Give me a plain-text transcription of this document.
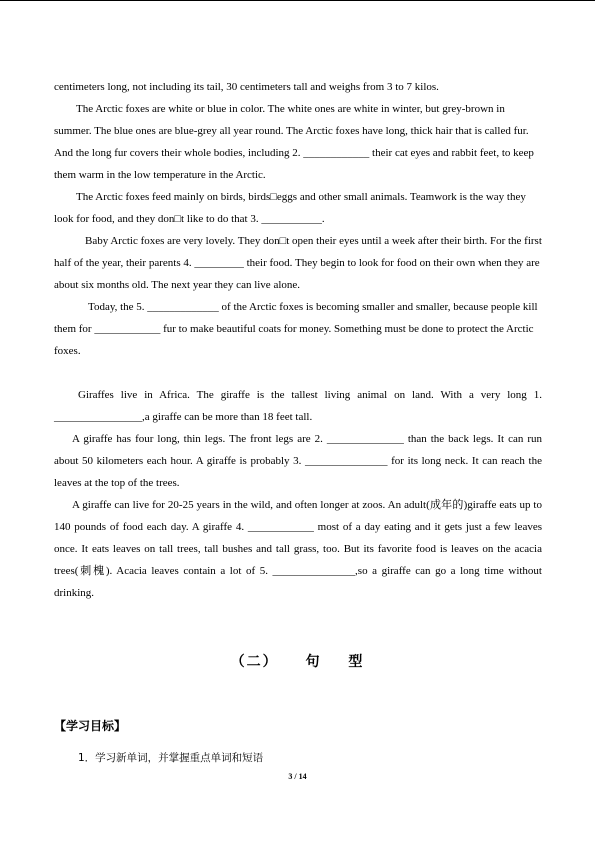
centimeters long, not including its tail, 30 centimeters tall and weighs from 3 to 7 kilos.

The Arctic foxes are white or blue in color. The white ones are white in winter, but grey-brown in summer. The blue ones are blue-grey all year round. The Arctic foxes have long, thick hair that is called fur. And the long fur covers their whole bodies, including 2. ____________ their cat eyes and rabbit feet, to keep them warm in the low temperature in the Arctic.

The Arctic foxes feed mainly on birds, birds□eggs and other small animals. Teamwork is the way they look for food, and they don□t like to do that 3. ___________.

Baby Arctic foxes are very lovely. They don□t open their eyes until a week after their birth. For the first half of the year, their parents 4. _________ their food. They begin to look for food on their own when they are about six months old. The next year they can live alone.

Today, the 5. _____________ of the Arctic foxes is becoming smaller and smaller, because people kill them for ____________ fur to make beautiful coats for money. Something must be done to protect the Arctic foxes.

Giraffes live in Africa. The giraffe is the tallest living animal on land. With a very long 1. ________________,a giraffe can be more than 18 feet tall.

A giraffe has four long, thin legs. The front legs are 2. ______________ than the back legs. It can run about 50 kilometers each hour. A giraffe is probably 3. _______________ for its long neck. It can reach the leaves at the top of the trees.

A giraffe can live for 20-25 years in the wild, and often longer at zoos. An adult(成年的)giraffe eats up to 140 pounds of food each day. A giraffe 4. ____________ most of a day eating and it gets just a few leaves once. It eats leaves on tall trees, tall bushes and tall grass, too. But its favorite food is leaves on the acacia trees(刺槐). Acacia leaves contain a lot of 5. _______________,so a giraffe can go a long time without drinking.

（二） 句 型
【学习目标】
1．学习新单词，并掌握重点单词和短语
3 / 14
